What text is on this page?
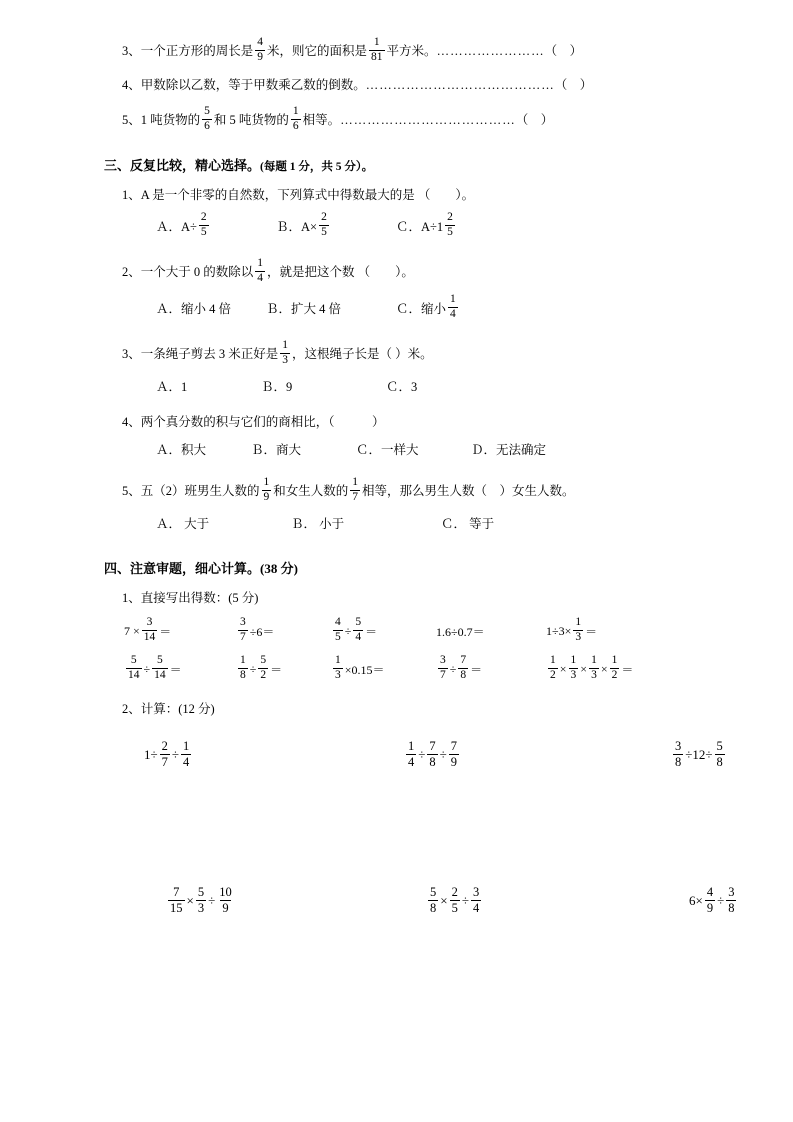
3、 一个正方形的周长是 $\frac{4}{9}$ 米，则它的面积是 $\frac{1}{81}$ 平方米。 …………………… （    ）
4、 甲数除以乙数，等于甲数乘乙数的倒数。 …………………………………… （    ）
5、 1 吨货物的 $\frac{5}{6}$ 和 5 吨货物的 $\frac{1}{6}$ 相等。 ………………………………… （    ）
三、反复比较，精心选择。(每题 1 分，共 5 分）。
1、 A 是一个非零的自然数，下列算式中得数最大的是 （        ）。
Ａ．$A\div \frac{2}{5}$	Ｂ．$A\times \frac{2}{5}$	Ｃ．$A\div 1 \frac{2}{5}$
2、 一个大于 0 的数除以 $\frac{1}{4}$ ，就是把这个数 （        ）。
Ａ．缩小 4 倍	Ｂ．扩大 4 倍	Ｃ．缩小 $\frac{1}{4}$
3、 一条绳子剪去 3 米正好是 $\frac{1}{3}$ ，这根绳子长是（ ）米。
Ａ．1	Ｂ．9	Ｃ．3
4、 两个真分数的积与它们的商相比，（            ）
Ａ．积大	Ｂ．商大	Ｃ．一样大	Ｄ．无法确定
5、 五（2）班男生人数的 $\frac{1}{9}$ 和女生人数的 $\frac{1}{7}$ 相等，那么男生人数（    ）女生人数。
Ａ． 大于	Ｂ． 小于	Ｃ． 等于
四、注意审题，细心计算。(38 分)
1、直接写出得数：(5 分)
$7 \times \frac{3}{14}$ ＝	$\frac{3}{7} \div 6=$	$\frac{4}{5} \div \frac{5}{4}$ ＝	1.6÷0.7＝	$1\div 3\times \frac{1}{3}$ ＝
$\frac{5}{14} \div \frac{5}{14}$ ＝	$\frac{1}{8} \div \frac{5}{2}$ ＝	$\frac{1}{3} \times 0.15=$	$\frac{3}{7} \div \frac{7}{8}$ ＝	$\frac{1}{2} \times \frac{1}{3} \times \frac{1}{3} \times \frac{1}{2}$ ＝
2、计算：(12 分)
$1\div \frac{2}{7} \div \frac{1}{4}$	$\frac{1}{4} \div \frac{7}{8} \div \frac{7}{9}$	$\frac{3}{8} \div 12\div \frac{5}{8}$
$\frac{7}{15} \times \frac{5}{3} \div \frac{10}{9}$	$\frac{5}{8} \times \frac{2}{5} \div \frac{3}{4}$	$6\times \frac{4}{9} \div \frac{3}{8}$
